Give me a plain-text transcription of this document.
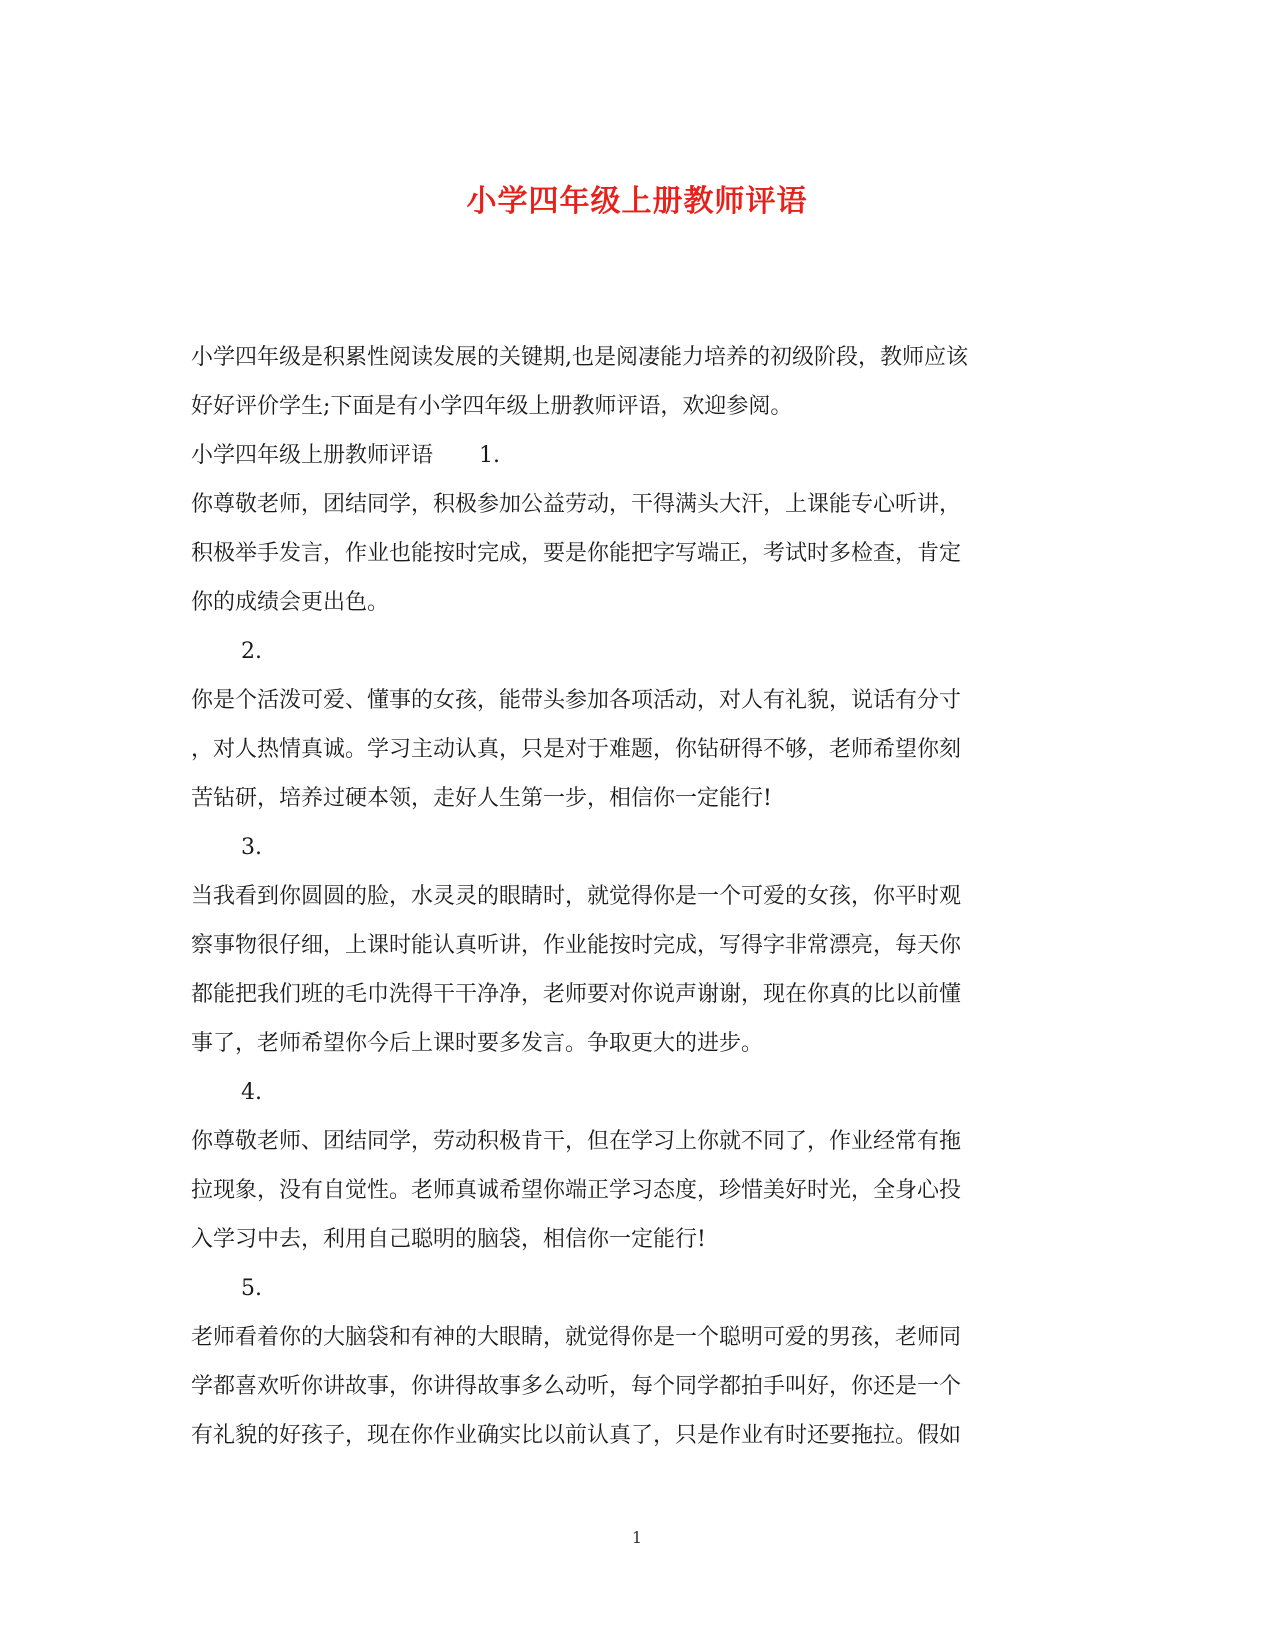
小学四年级上册教师评语
小学四年级是积累性阅读发展的关键期,也是阅凄能力培养的初级阶段，教师应该
好好评价学生;下面是有小学四年级上册教师评语，欢迎参阅。
小学四年级上册教师评语 1.
你尊敬老师，团结同学，积极参加公益劳动，干得满头大汗，上课能专心听讲，
积极举手发言，作业也能按时完成，要是你能把字写端正，考试时多检查，肯定
你的成绩会更出色。
2.
你是个活泼可爱、懂事的女孩，能带头参加各项活动，对人有礼貌，说话有分寸
，对人热情真诚。学习主动认真，只是对于难题，你钻研得不够，老师希望你刻
苦钻研，培养过硬本领，走好人生第一步，相信你一定能行!
3.
当我看到你圆圆的脸，水灵灵的眼睛时，就觉得你是一个可爱的女孩，你平时观
察事物很仔细，上课时能认真听讲，作业能按时完成，写得字非常漂亮，每天你
都能把我们班的毛巾洗得干干净净，老师要对你说声谢谢，现在你真的比以前懂
事了，老师希望你今后上课时要多发言。争取更大的进步。
4.
你尊敬老师、团结同学，劳动积极肯干，但在学习上你就不同了，作业经常有拖
拉现象，没有自觉性。老师真诚希望你端正学习态度，珍惜美好时光，全身心投
入学习中去，利用自己聪明的脑袋，相信你一定能行!
5.
老师看着你的大脑袋和有神的大眼睛，就觉得你是一个聪明可爱的男孩，老师同
学都喜欢听你讲故事，你讲得故事多么动听，每个同学都拍手叫好，你还是一个
有礼貌的好孩子，现在你作业确实比以前认真了，只是作业有时还要拖拉。假如
1
